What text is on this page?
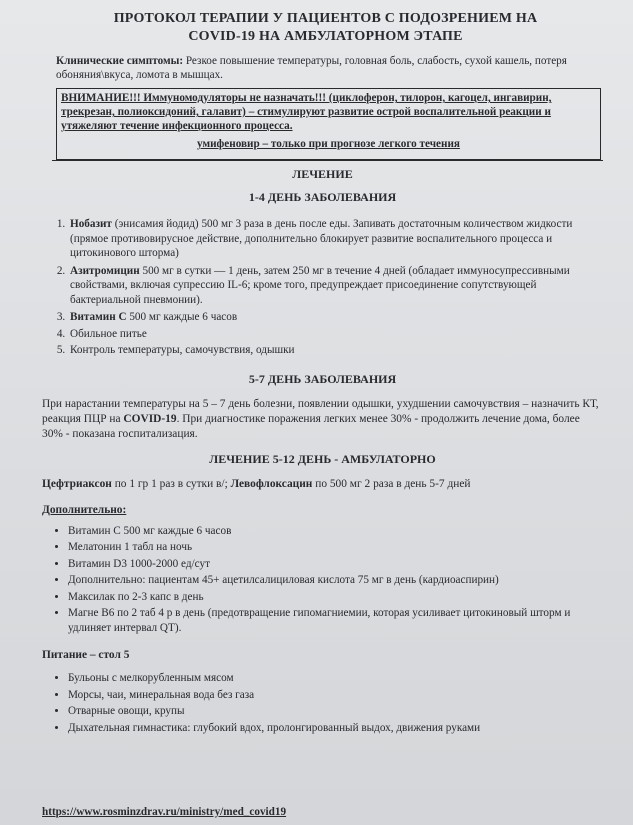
ПРОТОКОЛ ТЕРАПИИ У ПАЦИЕНТОВ С ПОДОЗРЕНИЕМ НА
COVID-19 НА АМБУЛАТОРНОМ ЭТАПЕ
Клинические симптомы: Резкое повышение температуры, головная боль, слабость, сухой кашель, потеря обоняния\вкуса, ломота в мышцах.
ВНИМАНИЕ!!! Иммуномодуляторы не назначать!!! (циклоферон, тилорон, кагоцел, ингавирин, трекрезан, полиоксидоний, галавит) – стимулируют развитие острой воспалительной реакции и утяжеляют течение инфекционного процесса.
умифеновир – только при прогнозе легкого течения
ЛЕЧЕНИЕ
1-4 ДЕНЬ ЗАБОЛЕВАНИЯ
1. Нобазит (энисамия йодид) 500 мг 3 раза в день после еды. Запивать достаточным количеством жидкости (прямое противовирусное действие, дополнительно блокирует развитие воспалительного процесса и цитокинового шторма)
2. Азитромицин 500 мг в сутки — 1 день, затем 250 мг в течение 4 дней (обладает иммуносупрессивными свойствами, включая супрессию IL-6; кроме того, предупреждает присоединение сопутствующей бактериальной пневмонии).
3. Витамин С 500 мг каждые 6 часов
4. Обильное питье
5. Контроль температуры, самочувствия, одышки
5-7 ДЕНЬ ЗАБОЛЕВАНИЯ
При нарастании температуры на 5 – 7 день болезни, появлении одышки, ухудшении самочувствия – назначить КТ, реакция ПЦР на COVID-19. При диагностике поражения легких менее 30% - продолжить лечение дома, более 30% - показана госпитализация.
ЛЕЧЕНИЕ 5-12 ДЕНЬ - АМБУЛАТОРНО
Цефтриаксон по 1 гр 1 раз в сутки в/; Левофлоксацин по 500 мг 2 раза в день 5-7 дней
Дополнительно:
• Витамин С 500 мг каждые 6 часов
• Мелатонин 1 табл на ночь
• Витамин D3 1000-2000 ед/сут
• Дополнительно: пациентам 45+ ацетилсалициловая кислота 75 мг в день (кардиоаспирин)
• Максилак по 2-3 капс в день
• Магне В6 по 2 таб 4 р в день (предотвращение гипомагниемии, которая усиливает цитокиновый шторм и удлиняет интервал QT).
Питание – стол 5
• Бульоны с мелкорубленным мясом
• Морсы, чаи, минеральная вода без газа
• Отварные овощи, крупы
• Дыхательная гимнастика: глубокий вдох, пролонгированный выдох, движения руками
https://www.rosminzdrav.ru/ministry/med_covid19
